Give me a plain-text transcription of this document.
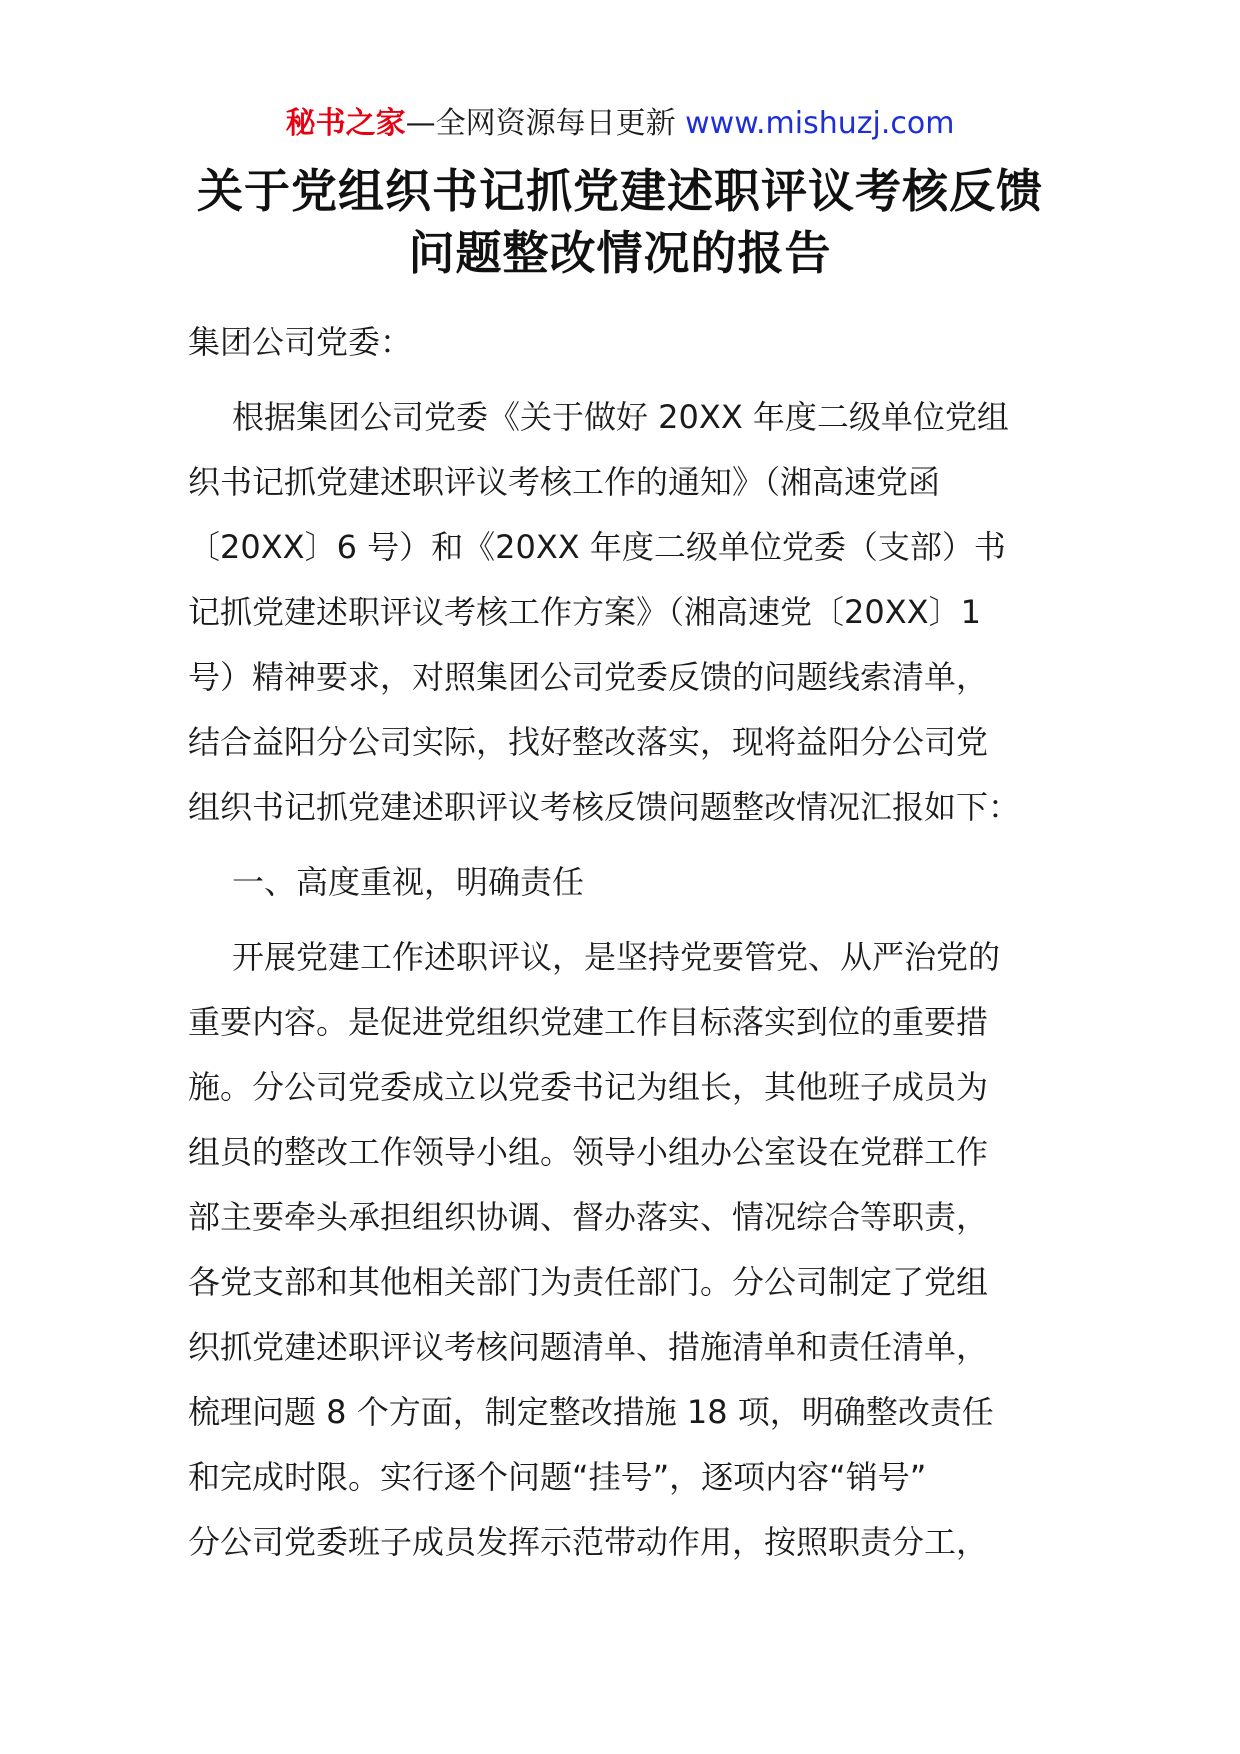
秘书之家—全网资源每日更新 www.mishuzj.com
关于党组织书记抓党建述职评议考核反馈
问题整改情况的报告

集团公司党委：

根据集团公司党委《关于做好 20XX 年度二级单位党组
织书记抓党建述职评议考核工作的通知》（湘高速党函
〔20XX〕6 号）和《20XX 年度二级单位党委（支部）书
记抓党建述职评议考核工作方案》（湘高速党〔20XX〕1
号）精神要求，对照集团公司党委反馈的问题线索清单，
结合益阳分公司实际，找好整改落实，现将益阳分公司党
组织书记抓党建述职评议考核反馈问题整改情况汇报如下：

一、高度重视，明确责任

开展党建工作述职评议，是坚持党要管党、从严治党的
重要内容。是促进党组织党建工作目标落实到位的重要措
施。分公司党委成立以党委书记为组长，其他班子成员为
组员的整改工作领导小组。领导小组办公室设在党群工作
部主要牵头承担组织协调、督办落实、情况综合等职责，
各党支部和其他相关部门为责任部门。分公司制定了党组
织抓党建述职评议考核问题清单、措施清单和责任清单，
梳理问题 8 个方面，制定整改措施 18 项，明确整改责任
和完成时限。实行逐个问题“挂号”，逐项内容“销号”
分公司党委班子成员发挥示范带动作用，按照职责分工，
